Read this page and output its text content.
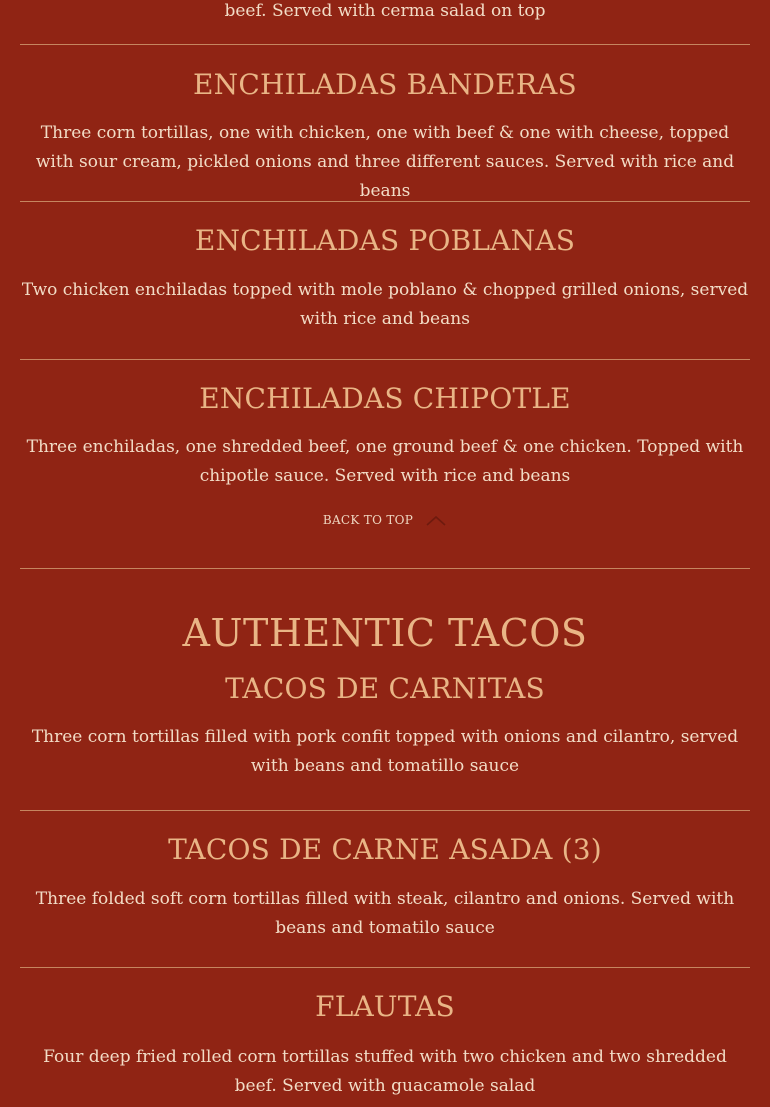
beef. Served with cerma salad on top

ENCHILADAS BANDERAS

Three corn tortillas, one with chicken, one with beef & one with cheese, topped with sour cream, pickled onions and three different sauces. Served with rice and beans

ENCHILADAS POBLANAS

Two chicken enchiladas topped with mole poblano & chopped grilled onions, served with rice and beans

ENCHILADAS CHIPOTLE

Three enchiladas, one shredded beef, one ground beef & one chicken. Topped with chipotle sauce. Served with rice and beans

BACK TO TOP
AUTHENTIC TACOS
TACOS DE CARNITAS

Three corn tortillas filled with pork confit topped with onions and cilantro, served with beans and tomatillo sauce

TACOS DE CARNE ASADA (3)

Three folded soft corn tortillas filled with steak, cilantro and onions. Served with beans and tomatilo sauce

FLAUTAS

Four deep fried rolled corn tortillas stuffed with two chicken and two shredded beef. Served with guacamole salad
